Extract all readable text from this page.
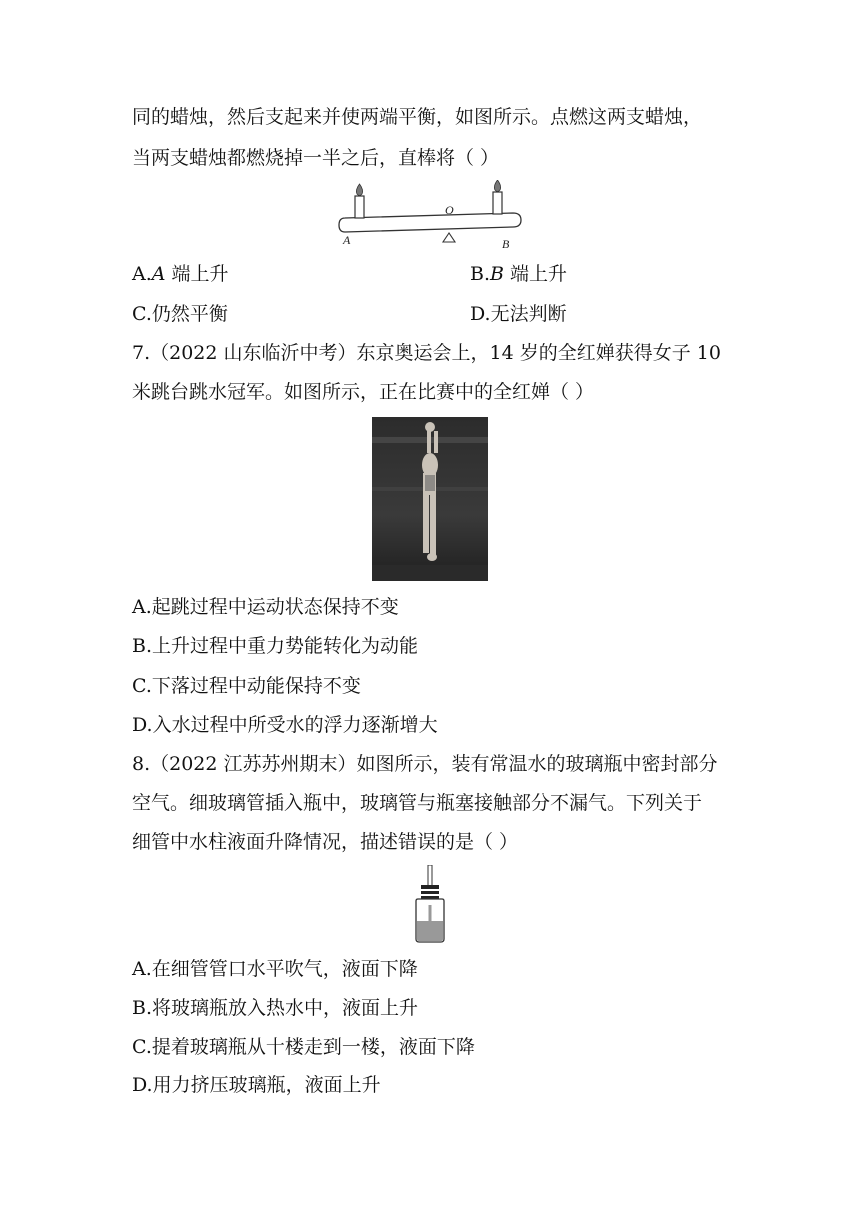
同的蜡烛，然后支起来并使两端平衡，如图所示。点燃这两支蜡烛，
当两支蜡烛都燃烧掉一半之后，直棒将（ ）
O
A	B
A.A 端上升	B.B 端上升
C.仍然平衡	D.无法判断
7.（2022 山东临沂中考）东京奥运会上，14 岁的全红婵获得女子 10
米跳台跳水冠军。如图所示，正在比赛中的全红婵（ ）
A.起跳过程中运动状态保持不变
B.上升过程中重力势能转化为动能
C.下落过程中动能保持不变
D.入水过程中所受水的浮力逐渐增大
8.（2022 江苏苏州期末）如图所示，装有常温水的玻璃瓶中密封部分
空气。细玻璃管插入瓶中，玻璃管与瓶塞接触部分不漏气。下列关于
细管中水柱液面升降情况，描述错误的是（ ）
A.在细管管口水平吹气，液面下降
B.将玻璃瓶放入热水中，液面上升
C.提着玻璃瓶从十楼走到一楼，液面下降
D.用力挤压玻璃瓶，液面上升
